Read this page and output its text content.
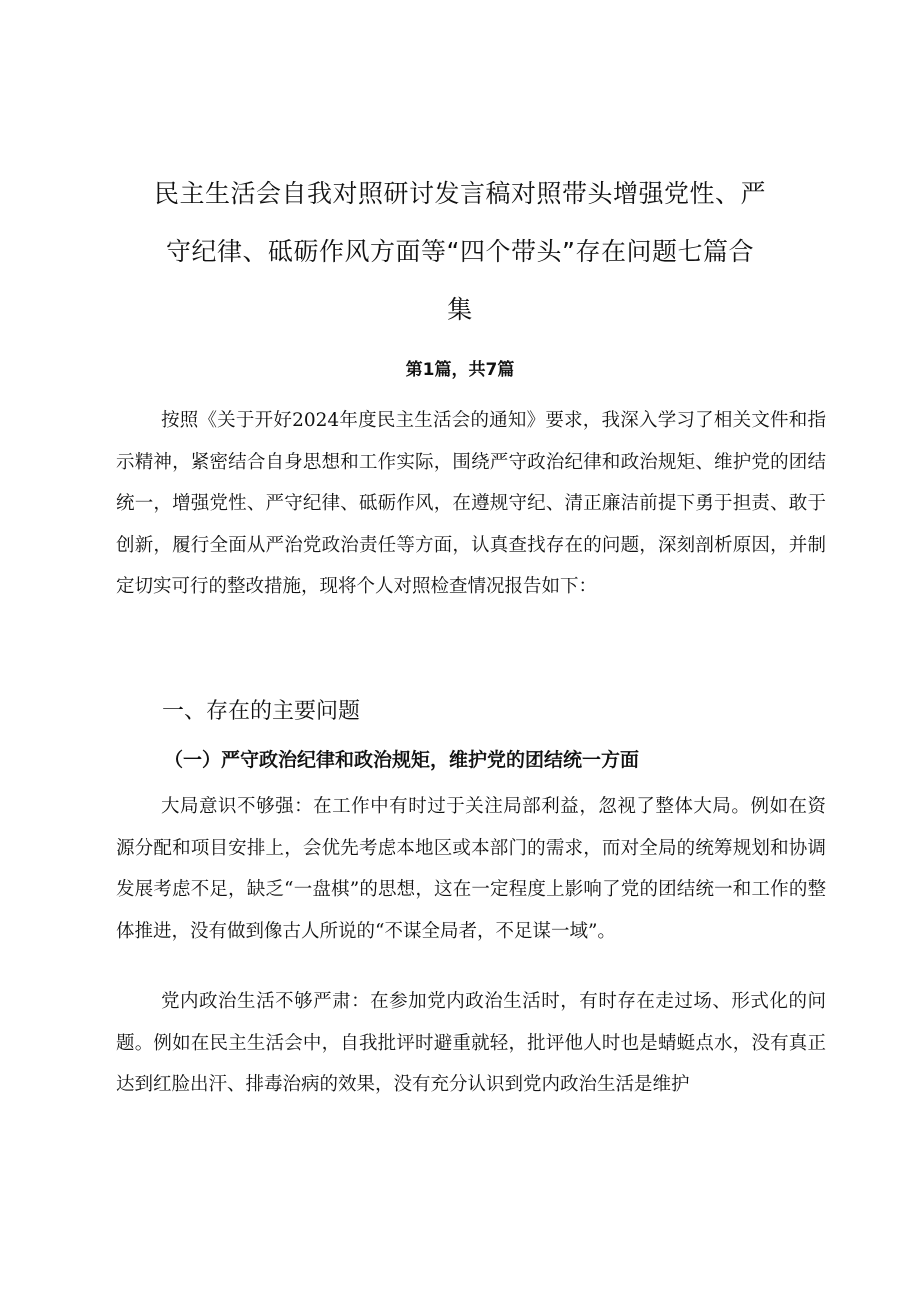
民主生活会自我对照研讨发言稿对照带头增强党性、严
守纪律、砥砺作风方面等“四个带头”存在问题七篇合
集
第1篇，共7篇

按照《关于开好2024年度民主生活会的通知》要求，我深入学习了相关文件和指示精神，紧密结合自身思想和工作实际，围绕严守政治纪律和政治规矩、维护党的团结统一，增强党性、严守纪律、砥砺作风，在遵规守纪、清正廉洁前提下勇于担责、敢于创新，履行全面从严治党政治责任等方面，认真查找存在的问题，深刻剖析原因，并制定切实可行的整改措施，现将个人对照检查情况报告如下：

一、存在的主要问题
（一）严守政治纪律和政治规矩，维护党的团结统一方面

大局意识不够强：在工作中有时过于关注局部利益，忽视了整体大局。例如在资源分配和项目安排上，会优先考虑本地区或本部门的需求，而对全局的统筹规划和协调发展考虑不足，缺乏“一盘棋”的思想，这在一定程度上影响了党的团结统一和工作的整体推进，没有做到像古人所说的“不谋全局者，不足谋一域”。

党内政治生活不够严肃：在参加党内政治生活时，有时存在走过场、形式化的问题。例如在民主生活会中，自我批评时避重就轻，批评他人时也是蜻蜓点水，没有真正达到红脸出汗、排毒治病的效果，没有充分认识到党内政治生活是维护
